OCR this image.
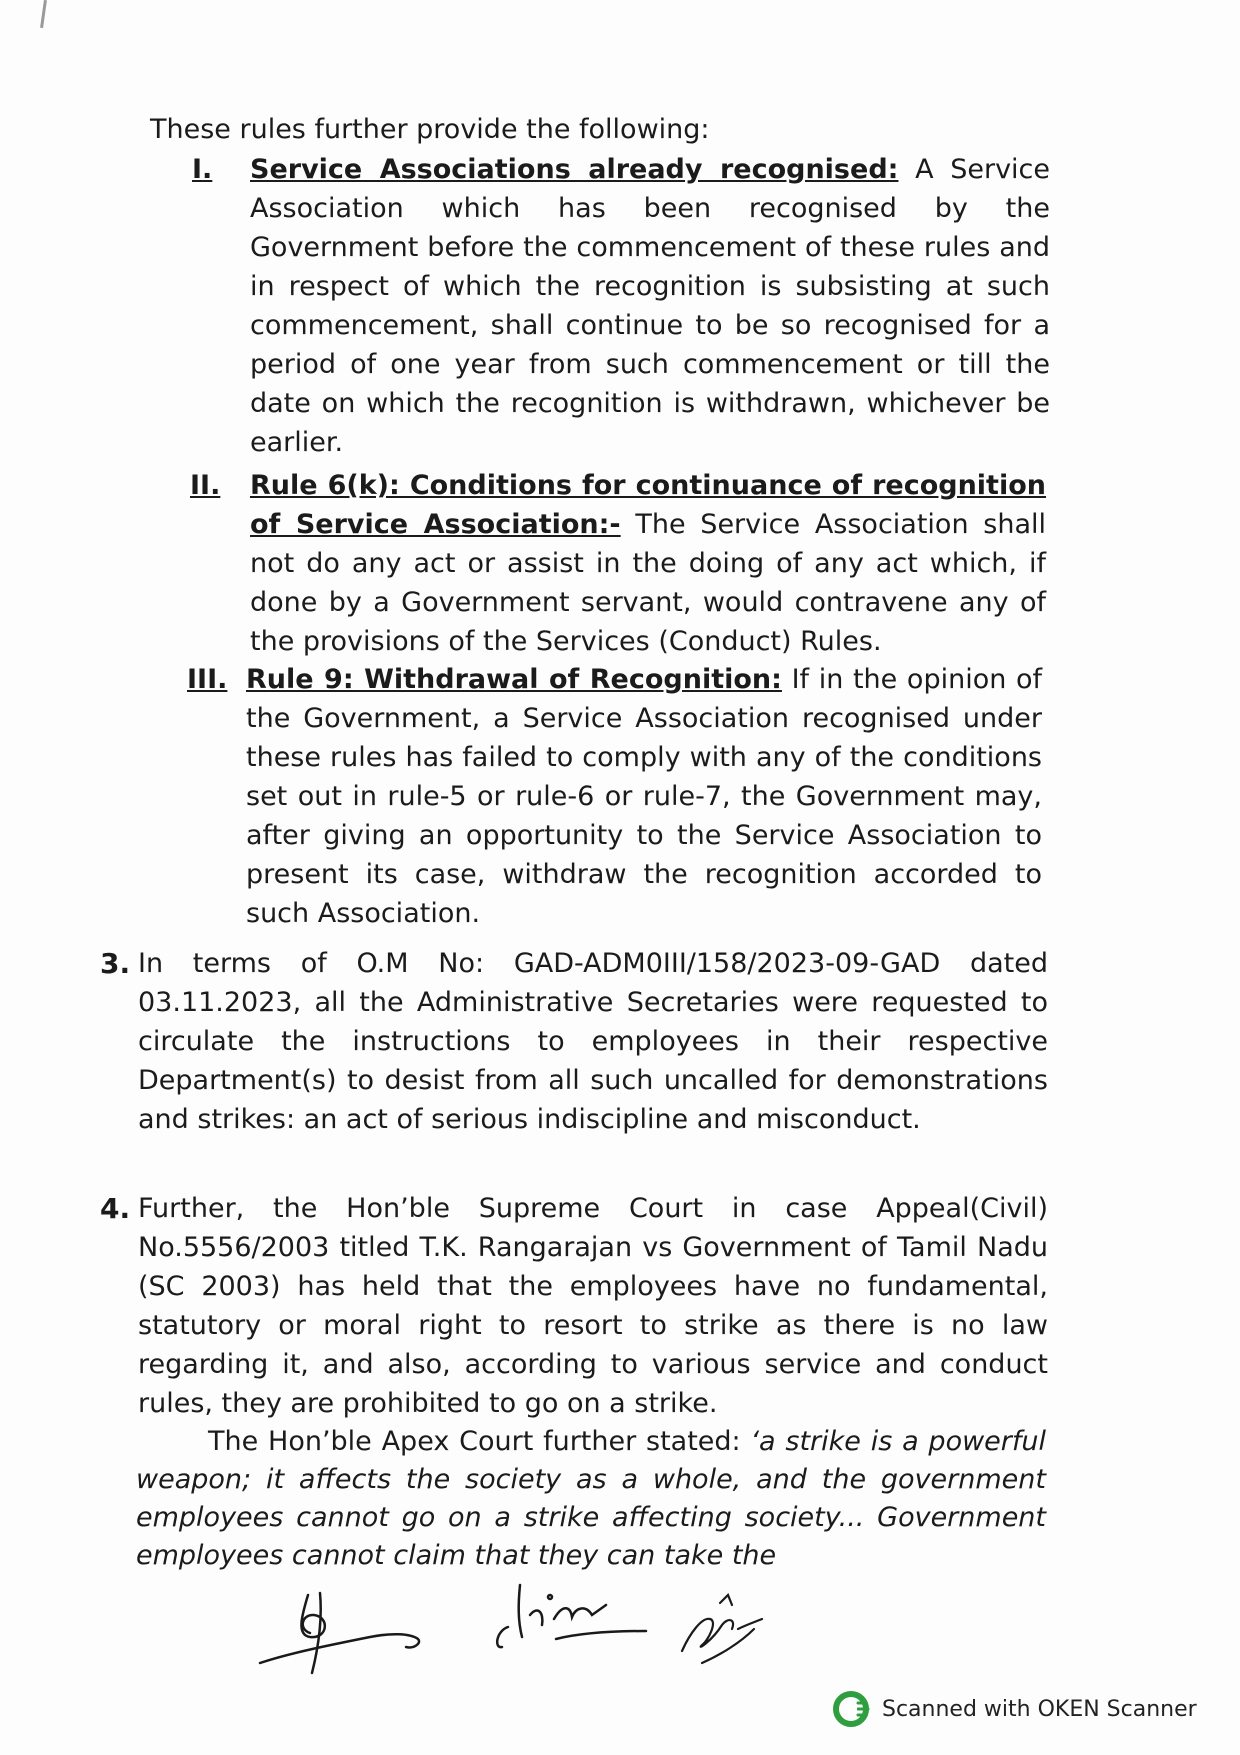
These rules further provide the following:

I. Service Associations already recognised: A Service Association which has been recognised by the Government before the commencement of these rules and in respect of which the recognition is subsisting at such commencement, shall continue to be so recognised for a period of one year from such commencement or till the date on which the recognition is withdrawn, whichever be earlier.

II. Rule 6(k): Conditions for continuance of recognition of Service Association:- The Service Association shall not do any act or assist in the doing of any act which, if done by a Government servant, would contravene any of the provisions of the Services (Conduct) Rules.

III. Rule 9: Withdrawal of Recognition: If in the opinion of the Government, a Service Association recognised under these rules has failed to comply with any of the conditions set out in rule-5 or rule-6 or rule-7, the Government may, after giving an opportunity to the Service Association to present its case, withdraw the recognition accorded to such Association.

3. In terms of O.M No: GAD-ADM0III/158/2023-09-GAD dated 03.11.2023, all the Administrative Secretaries were requested to circulate the instructions to employees in their respective Department(s) to desist from all such uncalled for demonstrations and strikes: an act of serious indiscipline and misconduct.

4. Further, the Hon’ble Supreme Court in case Appeal(Civil) No.5556/2003 titled T.K. Rangarajan vs Government of Tamil Nadu (SC 2003) has held that the employees have no fundamental, statutory or moral right to resort to strike as there is no law regarding it, and also, according to various service and conduct rules, they are prohibited to go on a strike.

The Hon’ble Apex Court further stated: ‘a strike is a powerful weapon; it affects the society as a whole, and the government employees cannot go on a strike affecting society... Government employees cannot claim that they can take the

Scanned with OKEN Scanner
